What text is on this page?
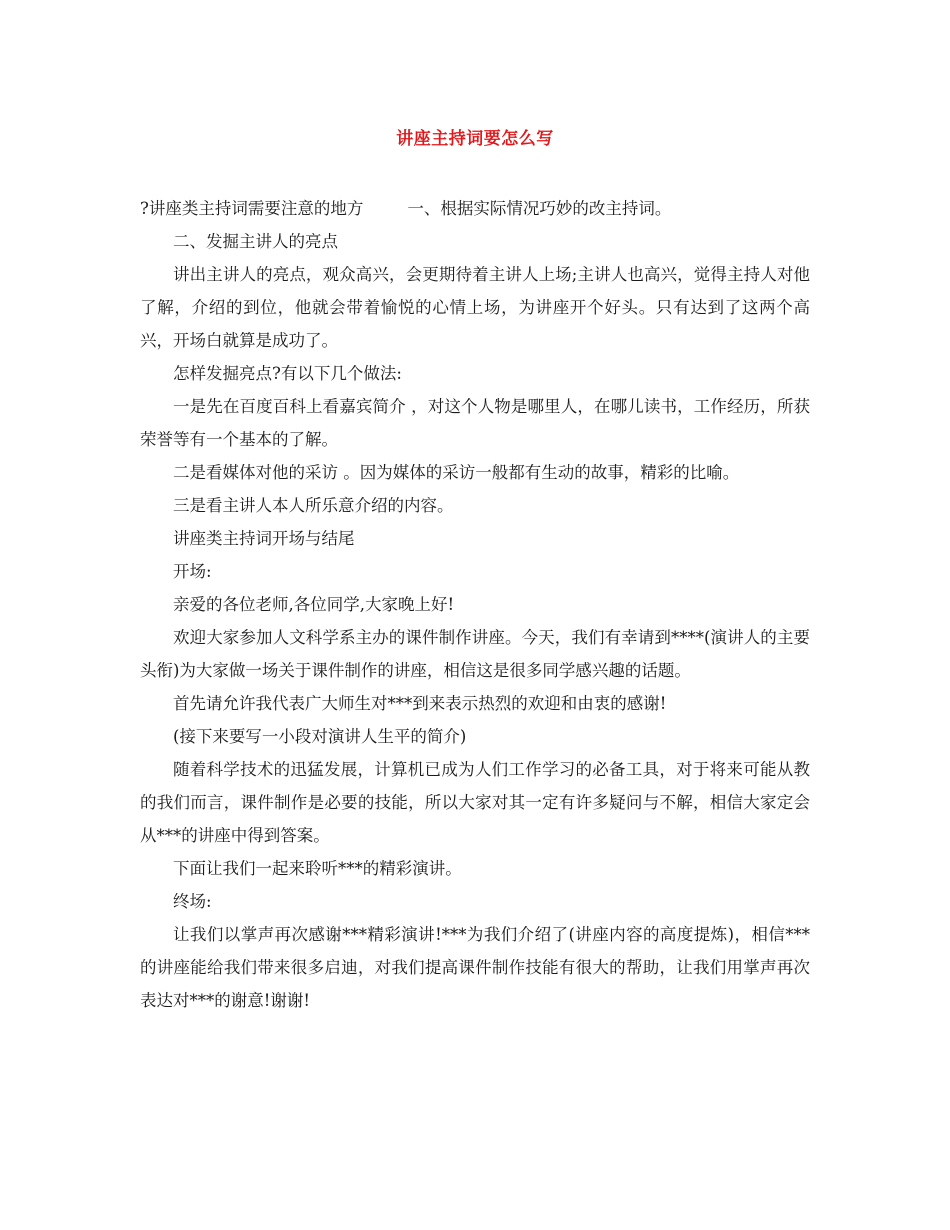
讲座主持词要怎么写

?讲座类主持词需要注意的地方	一、根据实际情况巧妙的改主持词。

二、发掘主讲人的亮点

讲出主讲人的亮点，观众高兴，会更期待着主讲人上场;主讲人也高兴，觉得主持人对他了解，介绍的到位，他就会带着愉悦的心情上场，为讲座开个好头。只有达到了这两个高兴，开场白就算是成功了。

怎样发掘亮点?有以下几个做法:

一是先在百度百科上看嘉宾简介 ，对这个人物是哪里人，在哪儿读书，工作经历，所获荣誉等有一个基本的了解。

二是看媒体对他的采访 。因为媒体的采访一般都有生动的故事，精彩的比喻。

三是看主讲人本人所乐意介绍的内容。

讲座类主持词开场与结尾

开场:

亲爱的各位老师,各位同学,大家晚上好!

欢迎大家参加人文科学系主办的课件制作讲座。今天，我们有幸请到****(演讲人的主要头衔)为大家做一场关于课件制作的讲座，相信这是很多同学感兴趣的话题。

首先请允许我代表广大师生对***到来表示热烈的欢迎和由衷的感谢!

(接下来要写一小段对演讲人生平的简介)

随着科学技术的迅猛发展，计算机已成为人们工作学习的必备工具，对于将来可能从教的我们而言，课件制作是必要的技能，所以大家对其一定有许多疑问与不解，相信大家定会从***的讲座中得到答案。

下面让我们一起来聆听***的精彩演讲。

终场:

让我们以掌声再次感谢***精彩演讲!***为我们介绍了(讲座内容的高度提炼)，相信***的讲座能给我们带来很多启迪，对我们提高课件制作技能有很大的帮助，让我们用掌声再次表达对***的谢意!谢谢!
